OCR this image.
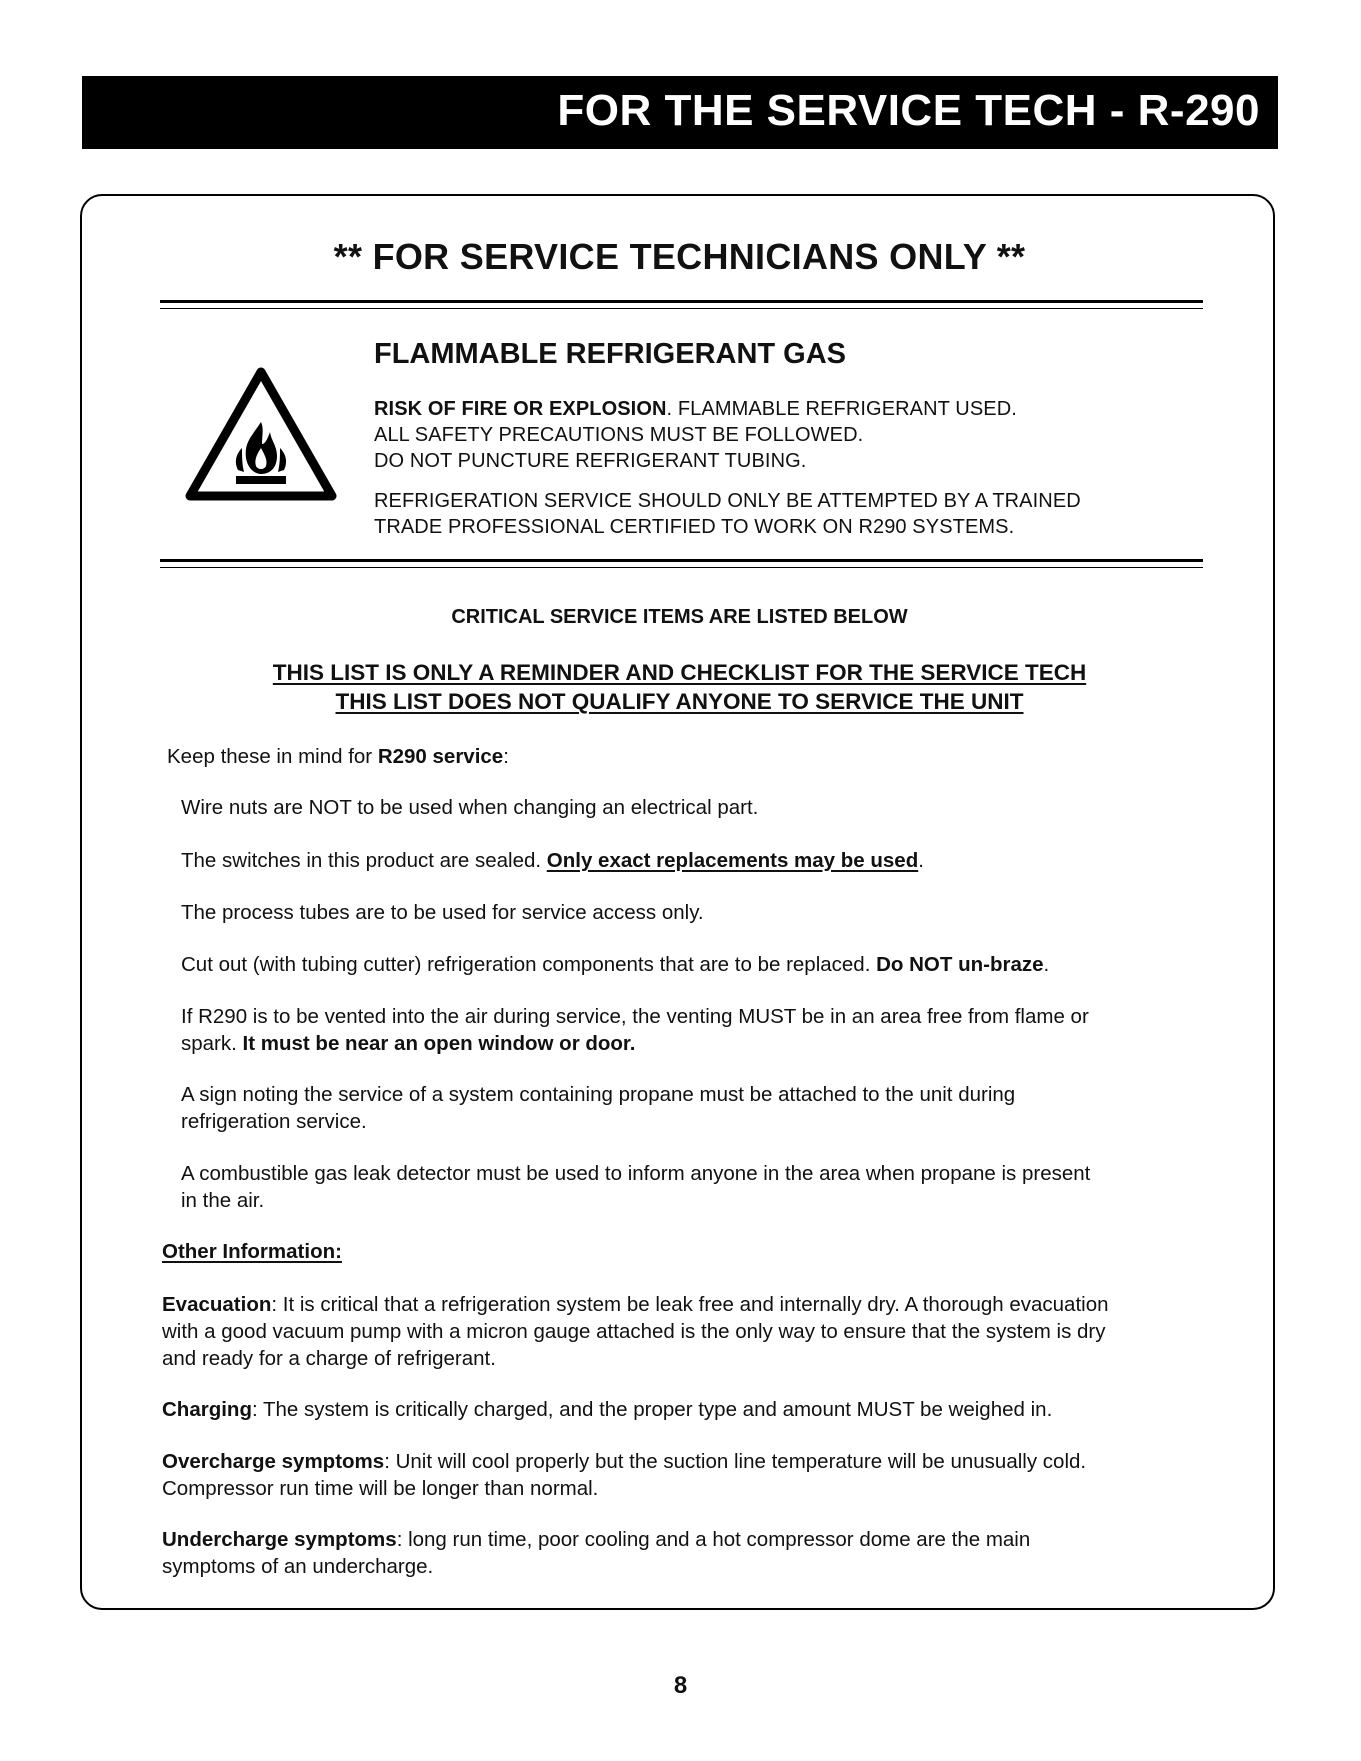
FOR THE SERVICE TECH - R-290
** FOR SERVICE TECHNICIANS ONLY **
FLAMMABLE REFRIGERANT GAS
RISK OF FIRE OR EXPLOSION. FLAMMABLE REFRIGERANT USED.
ALL SAFETY PRECAUTIONS MUST BE FOLLOWED.
DO NOT PUNCTURE REFRIGERANT TUBING.
REFRIGERATION SERVICE SHOULD ONLY BE ATTEMPTED BY A TRAINED
TRADE PROFESSIONAL CERTIFIED TO WORK ON R290 SYSTEMS.
CRITICAL SERVICE ITEMS ARE LISTED BELOW
THIS LIST IS ONLY A REMINDER AND CHECKLIST FOR THE SERVICE TECH
THIS LIST DOES NOT QUALIFY ANYONE TO SERVICE THE UNIT
Keep these in mind for R290 service:
Wire nuts are NOT to be used when changing an electrical part.
The switches in this product are sealed. Only exact replacements may be used.
The process tubes are to be used for service access only.
Cut out (with tubing cutter) refrigeration components that are to be replaced. Do NOT un-braze.
If R290 is to be vented into the air during service, the venting MUST be in an area free from flame or
spark. It must be near an open window or door.
A sign noting the service of a system containing propane must be attached to the unit during
refrigeration service.
A combustible gas leak detector must be used to inform anyone in the area when propane is present
in the air.
Other Information:
Evacuation: It is critical that a refrigeration system be leak free and internally dry. A thorough evacuation
with a good vacuum pump with a micron gauge attached is the only way to ensure that the system is dry
and ready for a charge of refrigerant.
Charging: The system is critically charged, and the proper type and amount MUST be weighed in.
Overcharge symptoms: Unit will cool properly but the suction line temperature will be unusually cold.
Compressor run time will be longer than normal.
Undercharge symptoms: long run time, poor cooling and a hot compressor dome are the main
symptoms of an undercharge.
8
